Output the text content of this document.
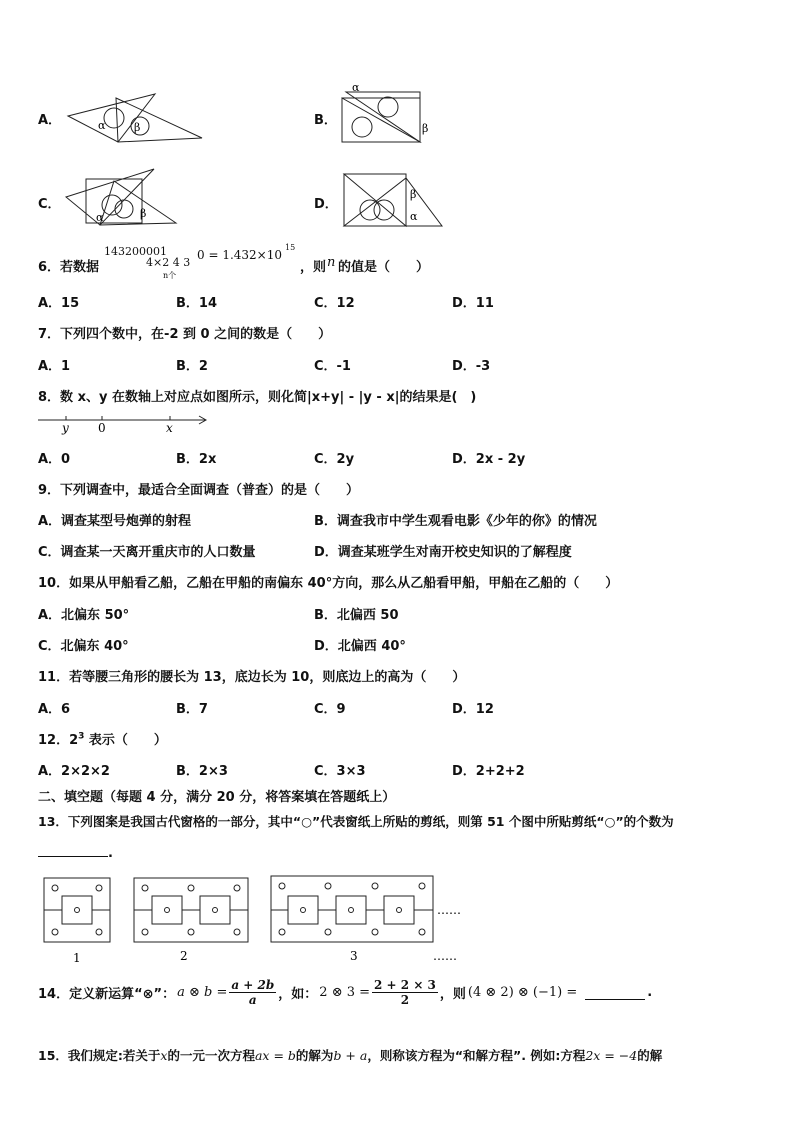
A．	α	β	B．
α
β
C．
α	β
D．
β
α
6．若数据
143200001
4×2 4 3
n个
0 = 1.432×10
15
，则 n 的值是（　　）
A．15	B．14	C．12	D．11
7．下列四个数中，在-2 到 0 之间的数是（　　）
A．1	B．2	C．-1	D．-3
8．数 x、y 在数轴上对应点如图所示，则化简|x+y| - |y - x|的结果是(　)
y 0	x
A．0	B．2x	C．2y	D．2x - 2y
9．下列调查中，最适合全面调查（普查）的是（　　）
A．调查某型号炮弹的射程	B．调查我市中学生观看电影《少年的你》的情况
C．调查某一天离开重庆市的人口数量	D．调查某班学生对南开校史知识的了解程度
10．如果从甲船看乙船，乙船在甲船的南偏东 40°方向，那么从乙船看甲船，甲船在乙船的（　　）
A．北偏东 50°	B．北偏西 50
C．北偏东 40°	D．北偏西 40°
11．若等腰三角形的腰长为 13，底边长为 10，则底边上的高为（　　）
A．6	B．7	C．9	D．12
12．$2^3$ 表示（　　）
A．2×2×2	B．2×3	C．3×3	D．2+2+2
二、填空题（每题 4 分，满分 20 分，将答案填在答题纸上）
13．下列图案是我国古代窗格的一部分，其中“○”代表窗纸上所贴的剪纸，则第 51 个图中所贴剪纸“○”的个数为
.
……
1	2	3	……
14．定义新运算“⊗”： a ⊗ $b = \frac{a + 2b}{a}$ ，如： 2 ⊗ $3 = \frac{2 + 2 \times 3}{2}$ ，则 (4 ⊗ 2) ⊗ (−1) =	.
15．我们规定:若关于x的一元一次方程ax = b的解为b + a，则称该方程为“和解方程”. 例如:方程2x = −4的解
